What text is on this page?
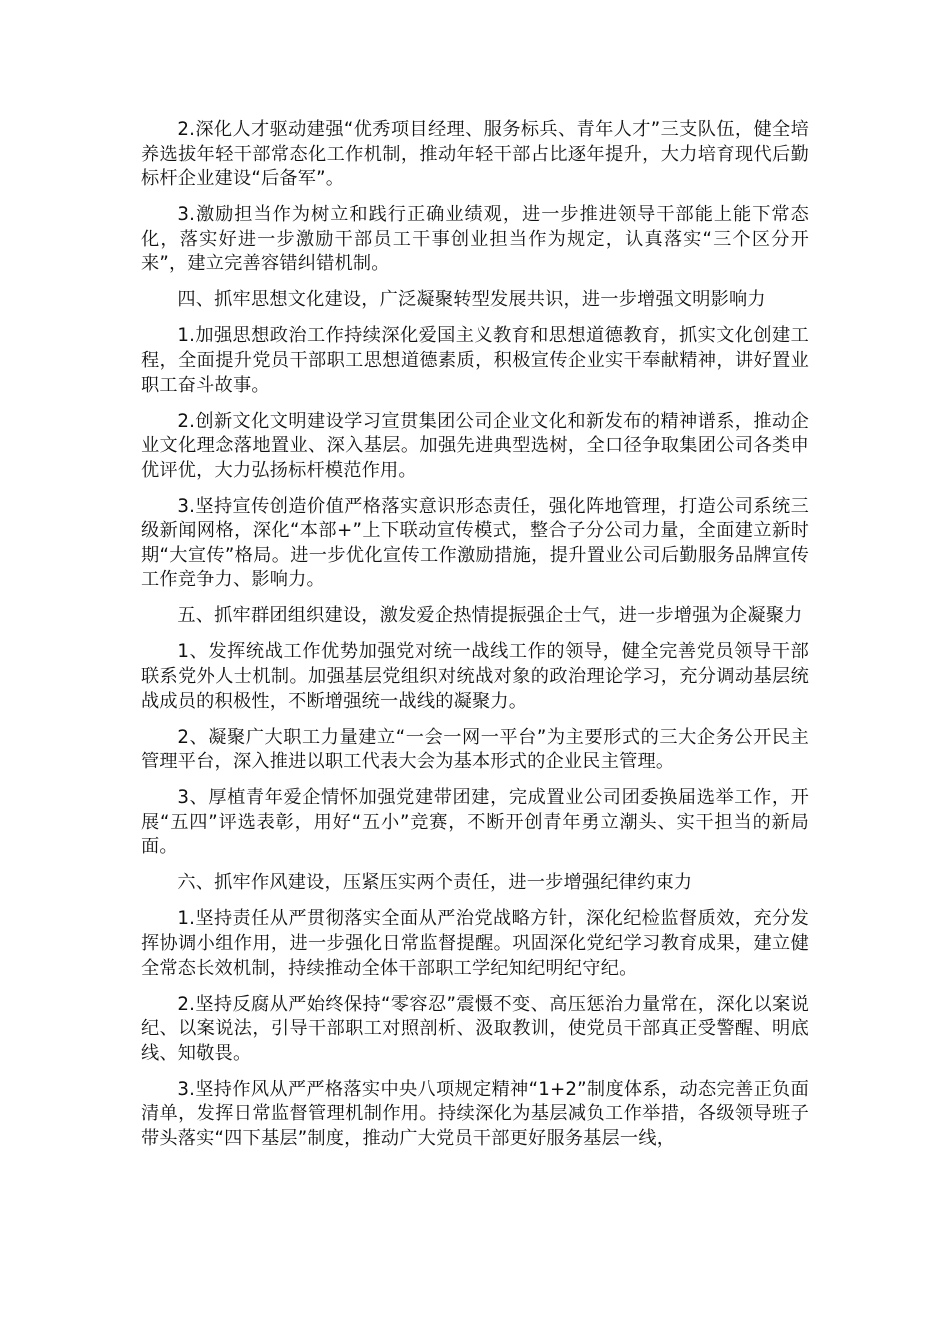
2.深化人才驱动建强“优秀项目经理、服务标兵、青年人才”三支队伍，健全培养选拔年轻干部常态化工作机制，推动年轻干部占比逐年提升，大力培育现代后勤标杆企业建设“后备军”。

3.激励担当作为树立和践行正确业绩观，进一步推进领导干部能上能下常态化，落实好进一步激励干部员工干事创业担当作为规定，认真落实“三个区分开来”，建立完善容错纠错机制。

四、抓牢思想文化建设，广泛凝聚转型发展共识，进一步增强文明影响力

1.加强思想政治工作持续深化爱国主义教育和思想道德教育，抓实文化创建工程，全面提升党员干部职工思想道德素质，积极宣传企业实干奉献精神，讲好置业职工奋斗故事。

2.创新文化文明建设学习宣贯集团公司企业文化和新发布的精神谱系，推动企业文化理念落地置业、深入基层。加强先进典型选树，全口径争取集团公司各类申优评优，大力弘扬标杆模范作用。

3.坚持宣传创造价值严格落实意识形态责任，强化阵地管理，打造公司系统三级新闻网格，深化“本部+”上下联动宣传模式，整合子分公司力量，全面建立新时期“大宣传”格局。进一步优化宣传工作激励措施，提升置业公司后勤服务品牌宣传工作竞争力、影响力。

五、抓牢群团组织建设，激发爱企热情提振强企士气，进一步增强为企凝聚力

1、发挥统战工作优势加强党对统一战线工作的领导，健全完善党员领导干部联系党外人士机制。加强基层党组织对统战对象的政治理论学习，充分调动基层统战成员的积极性，不断增强统一战线的凝聚力。

2、凝聚广大职工力量建立“一会一网一平台”为主要形式的三大企务公开民主管理平台，深入推进以职工代表大会为基本形式的企业民主管理。

3、厚植青年爱企情怀加强党建带团建，完成置业公司团委换届选举工作，开展“五四”评选表彰，用好“五小”竞赛，不断开创青年勇立潮头、实干担当的新局面。

六、抓牢作风建设，压紧压实两个责任，进一步增强纪律约束力

1.坚持责任从严贯彻落实全面从严治党战略方针，深化纪检监督质效，充分发挥协调小组作用，进一步强化日常监督提醒。巩固深化党纪学习教育成果，建立健全常态长效机制，持续推动全体干部职工学纪知纪明纪守纪。

2.坚持反腐从严始终保持“零容忍”震慑不变、高压惩治力量常在，深化以案说纪、以案说法，引导干部职工对照剖析、汲取教训，使党员干部真正受警醒、明底线、知敬畏。

3.坚持作风从严严格落实中央八项规定精神“1+2”制度体系，动态完善正负面清单，发挥日常监督管理机制作用。持续深化为基层减负工作举措，各级领导班子带头落实“四下基层”制度，推动广大党员干部更好服务基层一线，
